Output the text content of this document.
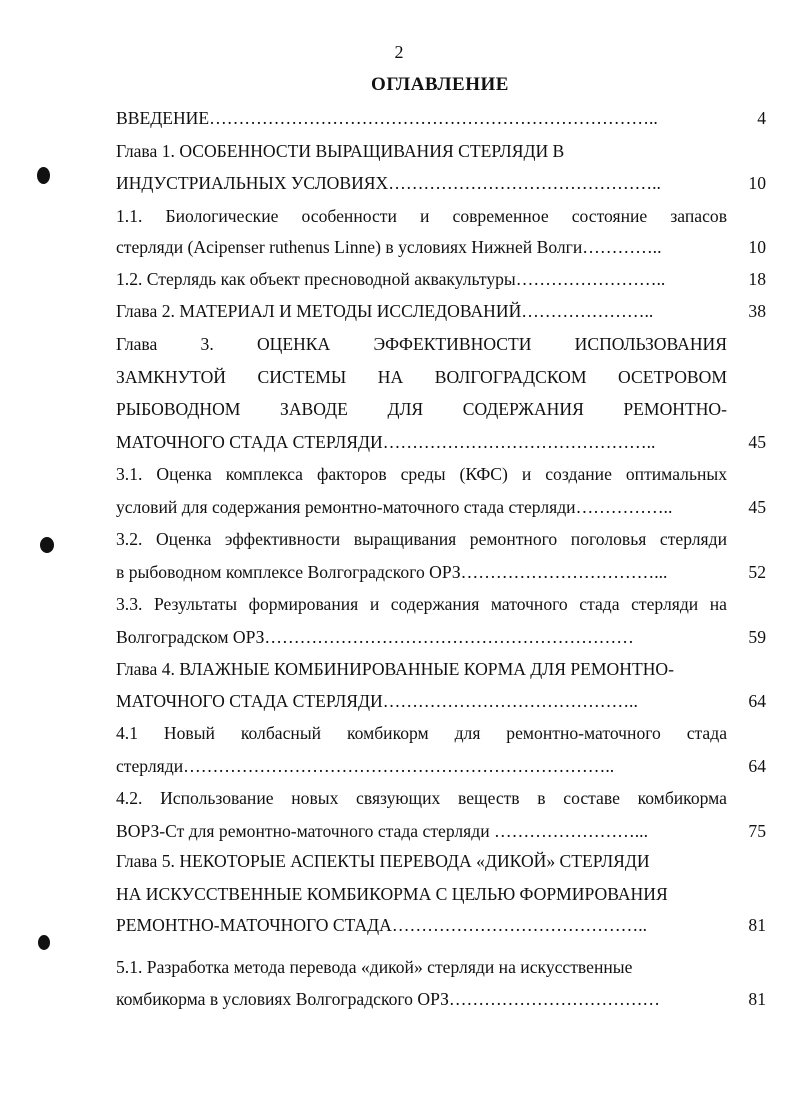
2
ОГЛАВЛЕНИЕ
ВВЕДЕНИЕ…………………………………………………………………..	4
Глава 1. ОСОБЕННОСТИ ВЫРАЩИВАНИЯ СТЕРЛЯДИ В
ИНДУСТРИАЛЬНЫХ УСЛОВИЯХ………………………………………..	10
1.1. Биологические особенности и современное состояние запасов
стерляди (Acipenser ruthenus Linne) в условиях Нижней Волги…………..	10
1.2. Стерлядь как объект пресноводной аквакультуры……………………..	18
Глава 2. МАТЕРИАЛ И МЕТОДЫ ИССЛЕДОВАНИЙ…………………..	38
Глава 3. ОЦЕНКА ЭФФЕКТИВНОСТИ ИСПОЛЬЗОВАНИЯ
ЗАМКНУТОЙ СИСТЕМЫ НА ВОЛГОГРАДСКОМ ОСЕТРОВОМ
РЫБОВОДНОМ ЗАВОДЕ ДЛЯ СОДЕРЖАНИЯ РЕМОНТНО-
МАТОЧНОГО СТАДА СТЕРЛЯДИ………………………………………..	45
3.1. Оценка комплекса факторов среды (КФС) и создание оптимальных
условий для содержания ремонтно-маточного стада стерляди……………..	45
3.2. Оценка эффективности выращивания ремонтного поголовья стерляди
в рыбоводном комплексе Волгоградского ОРЗ……………………………...	52
3.3. Результаты формирования и содержания маточного стада стерляди на
Волгоградском ОРЗ………………………………………………………	59
Глава 4. ВЛАЖНЫЕ КОМБИНИРОВАННЫЕ КОРМА ДЛЯ РЕМОНТНО-
МАТОЧНОГО СТАДА СТЕРЛЯДИ……………………………………..	64
4.1 Новый колбасный комбикорм для ремонтно-маточного стада
стерляди………………………………………………………………..	64
4.2. Использование новых связующих веществ в составе комбикорма
ВОРЗ-Ст для ремонтно-маточного стада стерляди ……………………...	75
Глава 5. НЕКОТОРЫЕ АСПЕКТЫ ПЕРЕВОДА «ДИКОЙ» СТЕРЛЯДИ
НА ИСКУССТВЕННЫЕ КОМБИКОРМА С ЦЕЛЬЮ ФОРМИРОВАНИЯ
РЕМОНТНО-МАТОЧНОГО СТАДА……………………………………..	81
5.1. Разработка метода перевода «дикой» стерляди на искусственные
комбикорма в условиях Волгоградского ОРЗ………………………………	81
